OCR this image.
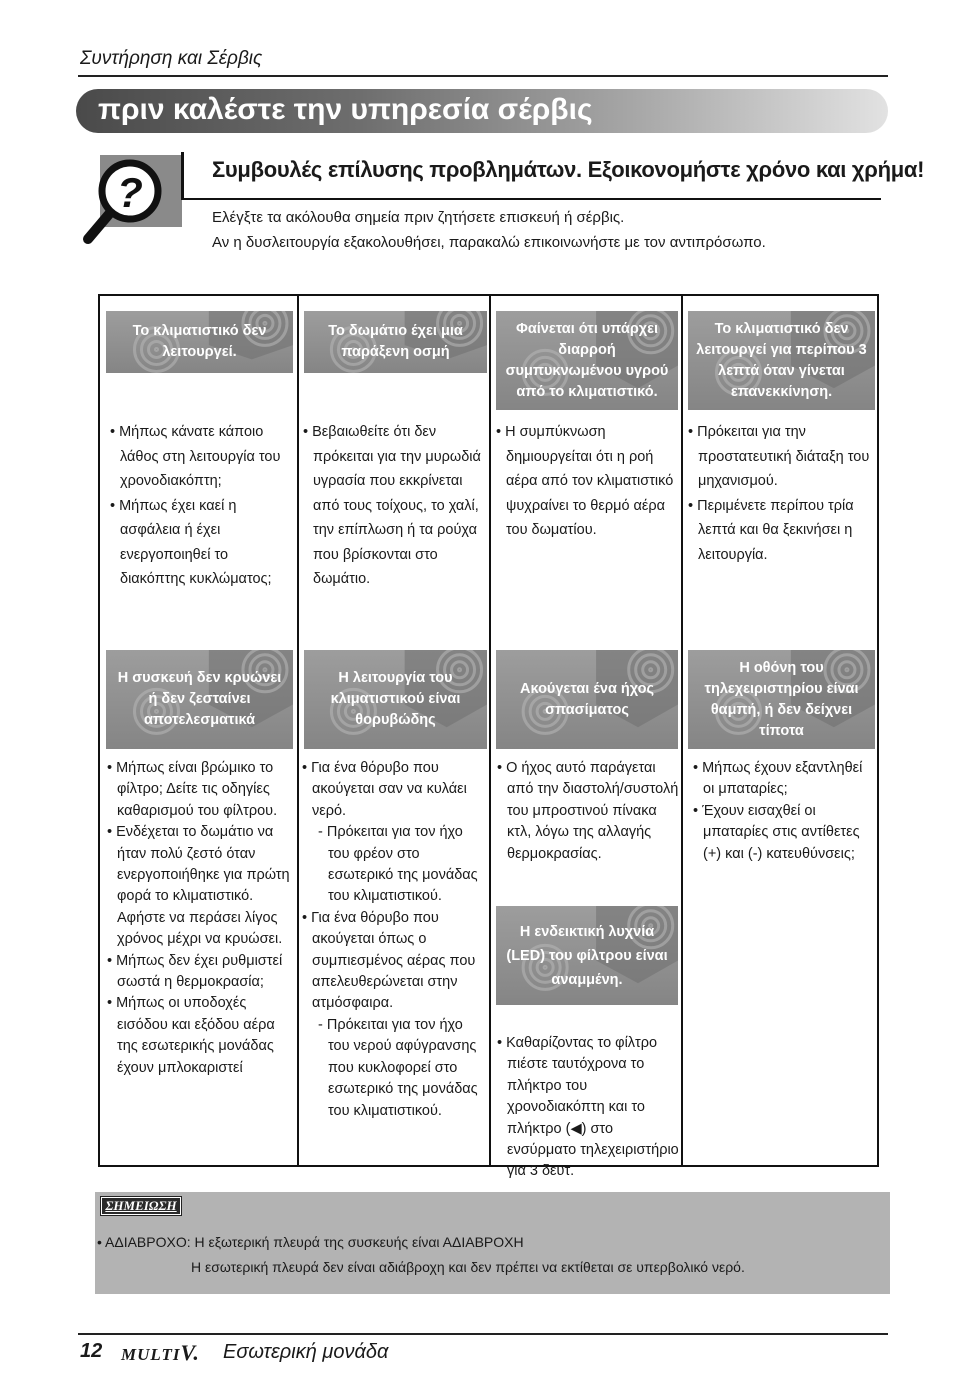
Συντήρηση και Σέρβις
πριν καλέστε την υπηρεσία σέρβις
?	Συμβουλές επίλυσης προβλημάτων. Εξοικονομήστε χρόνο και χρήμα!
Ελέγξτε τα ακόλουθα σημεία πριν ζητήσετε επισκευή ή σέρβις.
Αν η δυσλειτουργία εξακολουθήσει, παρακαλώ επικοινωνήστε με τον αντιπρόσωπο.
Το κλιματιστικό δεν λειτουργεί.
Το δωμάτιο έχει μια παράξενη οσμή
Φαίνεται ότι υπάρχει διαρροή συμπυκνωμένου υγρού από το κλιματιστικό.
Το κλιματιστικό δεν λειτουργεί για περίπου 3 λεπτά όταν γίνεται επανεκκίνηση.

• Μήπως κάνατε κάποιο λάθος στη λειτουργία του χρονοδιακόπτη;

• Μήπως έχει καεί η ασφάλεια ή έχει ενεργοποιηθεί το διακόπτης κυκλώματος;

• Βεβαιωθείτε ότι δεν πρόκειται για την μυρωδιά υγρασία που εκκρίνεται από τους τοίχους, το χαλί, την επίπλωση ή τα ρούχα που βρίσκονται στο δωμάτιο.

• Η συμπύκνωση δημιουργείται ότι η ροή αέρα από τον κλιματιστικό ψυχραίνει το θερμό αέρα του δωματίου.

• Πρόκειται για την προστατευτική διάταξη του μηχανισμού.

• Περιμένετε περίπου τρία λεπτά και θα ξεκινήσει η λειτουργία.

Η συσκευή δεν κρυώνει ή δεν ζεσταίνει αποτελεσματικά
Η λειτουργία του κλιματιστικού είναι θορυβώδης
Ακούγεται ένα ήχος σπασίματος
Η οθόνη του τηλεχειριστηρίου είναι θαμπή, ή δεν δείχνει τίποτα

• Μήπως είναι βρώμικο το φίλτρο; Δείτε τις οδηγίες καθαρισμού του φίλτρου.

• Ενδέχεται το δωμάτιο να ήταν πολύ ζεστό όταν ενεργοποιήθηκε για πρώτη φορά το κλιματιστικό. Αφήστε να περάσει λίγος χρόνος μέχρι να κρυώσει.

• Μήπως δεν έχει ρυθμιστεί σωστά η θερμοκρασία;

• Μήπως οι υποδοχές εισόδου και εξόδου αέρα της εσωτερικής μονάδας έχουν μπλοκαριστεί

• Για ένα θόρυβο που ακούγεται σαν να κυλάει νερό.

- Πρόκειται για τον ήχο του φρέον στο εσωτερικό της μονάδας του κλιματιστικού.

• Για ένα θόρυβο που ακούγεται όπως ο συμπιεσμένος αέρας που απελευθερώνεται στην ατμόσφαιρα.

- Πρόκειται για τον ήχο του νερού αφύγρανσης που κυκλοφορεί στο εσωτερικό της μονάδας του κλιματιστικού.

• Ο ήχος αυτό παράγεται από την διαστολή/συστολή του μπροστινού πίνακα κτλ, λόγω της αλλαγής θερμοκρασίας.

• Μήπως έχουν εξαντληθεί οι μπαταρίες;

• Έχουν εισαχθεί οι μπαταρίες στις αντίθετες (+) και (-) κατευθύνσεις;

Η ενδεικτική λυχνία (LED) του φίλτρου είναι αναμμένη.

• Καθαρίζοντας το φίλτρο πιέστε ταυτόχρονα το πλήκτρο του χρονοδιακόπτη και το πλήκτρο (◀) στο ενσύρματο τηλεχειριστήριο για 3 δευτ.

ΣΗΜΕΙΩΣΗ
• ΑΔΙΑΒΡΟΧΟ: Η εξωτερική πλευρά της συσκευής είναι ΑΔΙΑΒΡΟΧΗ
Η εσωτερική πλευρά δεν είναι αδιάβροχη και δεν πρέπει να εκτίθεται σε υπερβολικό νερό.
12 MULTIV. Εσωτερική μονάδα
